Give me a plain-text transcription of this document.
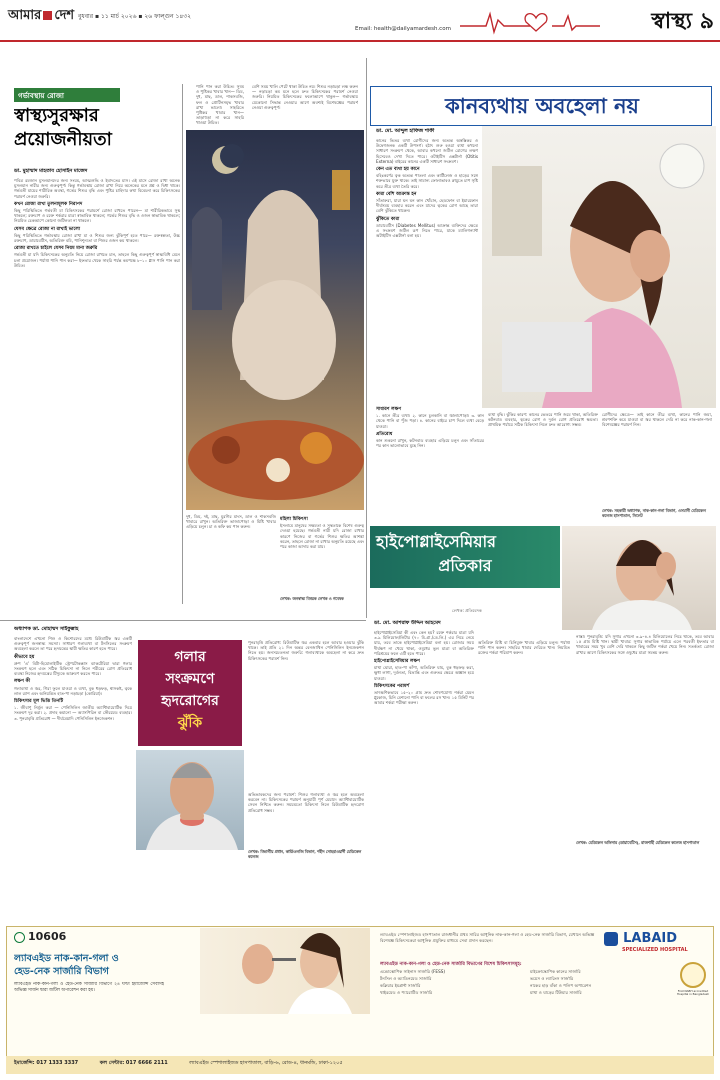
আমার দেশ বুধবার ▪ ১১ মার্চ ২০২৬ ▪ ২৬ ফাল্গুন ১৪৩২
Email: health@dailyamardesh.com	স্বাস্থ্য ৯
গর্ভাবস্থায় রোজা
স্বাস্থ্যসুরক্ষার
প্রয়োজনীয়তা
ডা. মুহাম্মাদ মাহতাব হোসাইন মাজেদ

পবিত্র রমজান মুসলমানদের জন্য সংযম, আত্মশুদ্ধি ও ইবাদতের মাস। এই মাসে রোজা রাখা অনেক মুসলমান নারীর জন্য গুরুত্বপূর্ণ। কিন্তু গর্ভাবস্থায় রোজা রাখা নিয়ে অনেকের মনে প্রশ্ন ও দ্বিধা থাকে। গর্ভবতী মায়ের শারীরিক অবস্থা, গর্ভের শিশুর বৃদ্ধি এবং পুষ্টির চাহিদার কথা বিবেচনা করে চিকিৎসকের পরামর্শ নেওয়া জরুরি।

কখন রোজা রাখা তুলনামূলক নিরাপদ

কিছু পরিস্থিতিতে গর্ভবতী মা চিকিৎসকের পরামর্শে রোজা রাখতে পারেন— মা শারীরিকভাবে সুস্থ থাকলে; রক্তচাপ ও রক্তে শর্করার মাত্রা স্বাভাবিক থাকলে; গর্ভের শিশুর বৃদ্ধি ও ওজন স্বাভাবিক থাকলে; নিয়মিত চেকআপে কোনো জটিলতা না থাকলে।

যেসব ক্ষেত্রে রোজা না রাখাই ভালো

কিছু পরিস্থিতিতে গর্ভাবস্থায় রোজা রাখা মা ও শিশুর জন্য ঝুঁকিপূর্ণ হতে পারে— রক্তস্বল্পতা, উচ্চ রক্তচাপ, ডায়াবেটিস, অতিরিক্ত বমি, পানিশূন্যতা বা শিশুর ওজন কম থাকলে।

রোজা রাখতে চাইলে যেসব নিয়ম মানা জরুরি

গর্ভবতী মা যদি চিকিৎসকের অনুমতি নিয়ে রোজা রাখতে চান, তাহলে কিছু গুরুত্বপূর্ণ স্বাস্থ্যবিধি মেনে চলা প্রয়োজন। পর্যাপ্ত পানি পান করা— ইফতার থেকে সাহরি পর্যন্ত কমপক্ষে ৮–১০ গ্লাস পানি পান করা উচিত।

পানি পান করা উচিত। সুষম ও পুষ্টিকর খাবার খান— ডিম, দুধ, মাছ, ডাল, শাকসবজি, ফল ও প্রোটিনসমৃদ্ধ খাবার রাখা ভালো। সাহরিতে পুষ্টিকর খাবার খান— তাড়াহুড়া না করে সাহরি খাওয়া উচিত।

বেশি সময় খালি পেটে থাকা উচিত নয়। শিশুর নড়াচড়া লক্ষ করুন— নড়াচড়া কম মনে হলে দ্রুত চিকিৎসকের পরামর্শ নেওয়া জরুরি। নিয়মিত চিকিৎসকের ফলোআপে থাকুন— গর্ভাবস্থায় যেকোনো সিদ্ধান্ত নেওয়ার আগে অবশ্যই বিশেষজ্ঞের পরামর্শ নেওয়া গুরুত্বপূর্ণ।

দুধ, ডিম, দই, মাছ, মুরগির মাংস, ডাল ও শাকসবজি খাবারে রাখুন। অতিরিক্ত ভাজাপোড়া ও মিষ্টি খাবার এড়িয়ে চলুন। চা ও কফি কম পান করুন।

মহিলা চিকিৎসা

ইসলামে মানুষের সক্ষমতা ও সুস্থতাকে বিশেষ গুরুত্ব দেওয়া হয়েছে। গর্ভবতী নারী যদি রোজা রাখার কারণে নিজের বা গর্ভের শিশুর ক্ষতির আশঙ্কা করেন, তাহলে রোজা না রাখার অনুমতি রয়েছে এবং পরে কাজা আদায় করা যায়।

লেখক: জনস্বাস্থ্য বিষয়ক লেখক ও গবেষক
কানব্যথায় অবহেলা নয়
ডা. মো. আব্দুল হাফিজ শাফী

কানের ভিতর ব্যথা রোগীদের জন্য অত্যন্ত অস্বস্তিকর ও উদ্বেগজনক একটি উপসর্গ। হঠাৎ শুরু হওয়া ব্যথা কখনো সাধারণ সংক্রমণ থেকে, আবার কখনো জটিল রোগের লক্ষণ হিসেবেও দেখা দিতে পারে। ওটাইটিস এক্সটার্না (Otitis Externa) বাইরের কানের একটি সাধারণ সংক্রমণ।

কেন এত ব্যথা হয় কানে

বহিঃকর্ণের ত্বক অত্যন্ত পাতলা এবং কার্টিলেজ ও হাড়ের সঙ্গে শক্তভাবে যুক্ত থাকে। তাই সামান্য ফোলাভাবও স্নায়ুতে চাপ সৃষ্টি করে তীব্র ব্যথা তৈরি করে।

কারা বেশি আক্রান্ত হন

সাঁতারুরা, যারা ঘন ঘন কান খোঁচান, হেডফোন বা ইয়ারফোন দীর্ঘসময় ব্যবহার করেন এবং যাদের ত্বকের রোগ আছে তারা বেশি ঝুঁকিতে থাকেন।

ঝুঁকিতে কারা

ডায়াবেটিস (Diabetes Mellitus) আক্রান্ত ব্যক্তিদের ক্ষেত্রে এ সংক্রমণ জটিল রূপ নিতে পারে, যাকে ম্যালিগন্যান্ট অটাইটিস এক্সটার্না বলা হয়।

সাধারণ লক্ষণ

১. কানে তীব্র ব্যথা। ২. কানে চুলকানি বা জ্বালাপোড়া। ৩. কান থেকে পানি বা পুঁজ পড়া। ৪. কানের বাইরে চাপ দিলে ব্যথা বেড়ে যাওয়া।

প্রতিরোধ

কান শুকনো রাখুন, কটনবাড ব্যবহার এড়িয়ে চলুন এবং সাঁতারের পর কান ভালোভাবে মুছে নিন।

ব্যথা বৃদ্ধি। ঝুঁকির কারণ: কানের ভেতরে পানি জমে থাকা, অতিরিক্ত কটনবাড ব্যবহার, ত্বকের রোগ ও দুর্বল রোগ প্রতিরোধ ক্ষমতা। প্রাথমিক পর্যায়ে সঠিক চিকিৎসা নিলে দ্রুত আরোগ্য সম্ভব।

রোগীদের ক্ষেত্রে— তাই কানে তীব্র ব্যথা, কানের পানি জমা, শ্রবণশক্তি কমে যাওয়া বা জ্বর থাকলে দেরি না করে নাক-কান-গলা বিশেষজ্ঞের পরামর্শ নিন।

লেখক: সহকারী অধ্যাপক, নাক-কান-গলা বিভাগ, ওসমানী মেডিকেল কলেজ হাসপাতাল, সিলেট
হাইপোগ্লাইসেমিয়ার
প্রতিকার
লেখক: প্রতিবেদক
ডা. মো. আশরাফ উদ্দিন আহমেদ

হাইপোগ্লাইসেমিয়া কী এবং কেন হয়? রক্তে শর্করার মাত্রা যদি ৩.৯ মিলিমোল/লিটার (৭০ মি.গ্রা./ডে.লি.) এর নিচে নেমে যায়, তবে তাকে হাইপোগ্লাইসেমিয়া বলা হয়। রোজার সময় দীর্ঘক্ষণ না খেয়ে থাকা, ওষুধের ভুল মাত্রা বা অতিরিক্ত পরিশ্রমের ফলে এটি হতে পারে।

হাইপোগ্লাইসেমিয়ার লক্ষণ

মাথা ঘোরা, হাত-পা কাঁপা, অতিরিক্ত ঘাম, বুক ধড়ফড় করা, ক্ষুধা লাগা, দুর্বলতা, বিভ্রান্তি এবং গুরুতর ক্ষেত্রে অজ্ঞান হয়ে যাওয়া।

চিকিৎসকের পরামর্শ

তাৎক্ষণিকভাবে ১৫–২০ গ্রাম দ্রুত শোষণযোগ্য শর্করা যেমন গ্লুকোজ, চিনি মেশানো পানি বা ফলের রস খান। ১৫ মিনিট পর আবার শর্করা পরীক্ষা করুন।

অতিরিক্ত মিষ্টি বা চিনিযুক্ত খাবার এড়িয়ে চলুন। পর্যাপ্ত পানি পান করুন। সাহরির খাবার দেরিতে খান। নিয়মিত রক্তের শর্করা পরিমাপ করুন।

নাস্তা। পুনরাবৃত্তি: যদি সুগার এখনো ৩.৯–৪.৪ মিলিমোলের নিচে থাকে, তবে আবার ১৫ গ্রাম মিষ্টি খান। স্থায়ী খাবার: সুগার স্বাভাবিক পর্যায়ে এলে পরবর্তী ইফতার বা খাবারের সময় খুব বেশি দেরি থাকলে কিছু জটিল শর্করা খেয়ে নিন। সতর্কতা: রোজা রাখার আগে চিকিৎসকের সঙ্গে ওষুধের মাত্রা সমন্বয় করুন।

লেখক: মেডিকেল অফিসার (ডায়াবেটিস), রাজশাহী মেডিকেল কলেজ হাসপাতাল
অধ্যাপক ডা. মোহাম্মদ সাইফুল্লাহ

বাংলাদেশে এখনো শিশু ও কিশোরদের মধ্যে রিউমাটিক জ্বর একটি গুরুত্বপূর্ণ জনস্বাস্থ্য সমস্যা। সাধারণ গলাব্যথা বা টনসিলের সংক্রমণ অবহেলা করলে তা পরে হৃদযন্ত্রের স্থায়ী ক্ষতির কারণ হতে পারে।

কীভাবে হয়

গ্রুপ 'এ' বিটা-হিমোলাইটিক স্ট্রেপটোকক্কাস ব্যাকটেরিয়া দ্বারা গলার সংক্রমণ হলে এবং সঠিক চিকিৎসা না নিলে শরীরের রোগ প্রতিরোধ ব্যবস্থা নিজের হৃদযন্ত্রের টিস্যুকে আক্রমণ করতে পারে।

লক্ষণ কী

গলাব্যথা ও জ্বর, গিরা ফুলে যাওয়া ও ব্যথা, বুক ধড়ফড়, শ্বাসকষ্ট, ত্বকে লাল র‍্যাশ এবং অনিয়ন্ত্রিত হাত-পা নড়াচড়া (কোরিয়া)।

চিকিৎসার মূল ভিত্তি তিনটি

১. জীবাণু নির্মূল করা — পেনিসিলিন জাতীয় অ্যান্টিবায়োটিক দিয়ে সংক্রমণ দূর করা। ২. প্রদাহ কমানো — অ্যাসপিরিন বা স্টেরয়েড ব্যবহার। ৩. পুনরাবৃত্তি প্রতিরোধ — দীর্ঘমেয়াদি পেনিসিলিন ইনজেকশন।

গলার
সংক্রমণে
হৃদরোগের
ঝুঁকি

পুনরাবৃত্তি প্রতিরোধ: রিউমাটিক জ্বর একবার হলে আবার হওয়ার ঝুঁকি থাকে। তাই প্রতি ২১ দিন অন্তর বেনজাথিন পেনিসিলিন ইনজেকশন নিতে হয়। জনসচেতনতা জরুরি: গলাব্যথাকে অবহেলা না করে দ্রুত চিকিৎসকের পরামর্শ নিন।

অভিভাবকদের জন্য পরামর্শ: শিশুর গলাব্যথা ও জ্বর হলে অবহেলা করবেন না। চিকিৎসকের পরামর্শ অনুযায়ী পূর্ণ মেয়াদে অ্যান্টিবায়োটিক সেবন নিশ্চিত করুন। সময়মতো চিকিৎসা নিলে রিউমাটিক হৃদরোগ প্রতিরোধ সম্ভব।

লেখক: বিভাগীয় প্রধান, কার্ডিওলজি বিভাগ, শহীদ সোহরাওয়ার্দী মেডিকেল কলেজ
10606
ল্যাবএইড নাক-কান-গলা ও
হেড-নেক সার্জারি বিভাগ
ল্যাবএইড নাক-কান-গলা ও হেড-নেক সার্জারি বিভাগে ২৪ ঘণ্টা ইমার্জেন্সি সেবাসহ অভিজ্ঞ সার্জন দ্বারা জটিল অপারেশন করা হয়।
LABAID
SPECIALIZED HOSPITAL
ল্যাবএইড স্পেশালাইজড হাসপাতাল রাজধানীর প্রথম সারির আধুনিক নাক-কান-গলা ও হেড-নেক সার্জারি বিভাগ, যেখানে অভিজ্ঞ বিশেষজ্ঞ চিকিৎসকেরা আধুনিক প্রযুক্তির মাধ্যমে সেবা প্রদান করছেন।
ল্যাবএইড নাক-কান-গলা ও হেড-নেক সার্জারি বিভাগের বিশেষ চিকিৎসাসমূহ:
এন্ডোস্কোপিক সাইনাস সার্জারি (FESS)
টনসিল ও অ্যাডিনয়েড সার্জারি
কক্লিয়ার ইমপ্লান্ট সার্জারি
থাইরয়েড ও প্যারোটিড সার্জারি
মাইক্রোস্কোপিক কানের সার্জারি
ভয়েস ও ল্যারিংস সার্জারি
নাকের হাড় বাঁকা ও পলিপ অপারেশন
মাথা ও ঘাড়ের টিউমার সার্জারি	First NABH accredited Hospital in Bangladesh
ইমার্জেন্সি: 017 1333 3337	কল সেন্টার: 017 6666 2111	ল্যাবএইড স্পেশালাইজড হাসপাতাল, বাড়ি-৬, রোড-৪, ধানমন্ডি, ঢাকা-১২০৫
